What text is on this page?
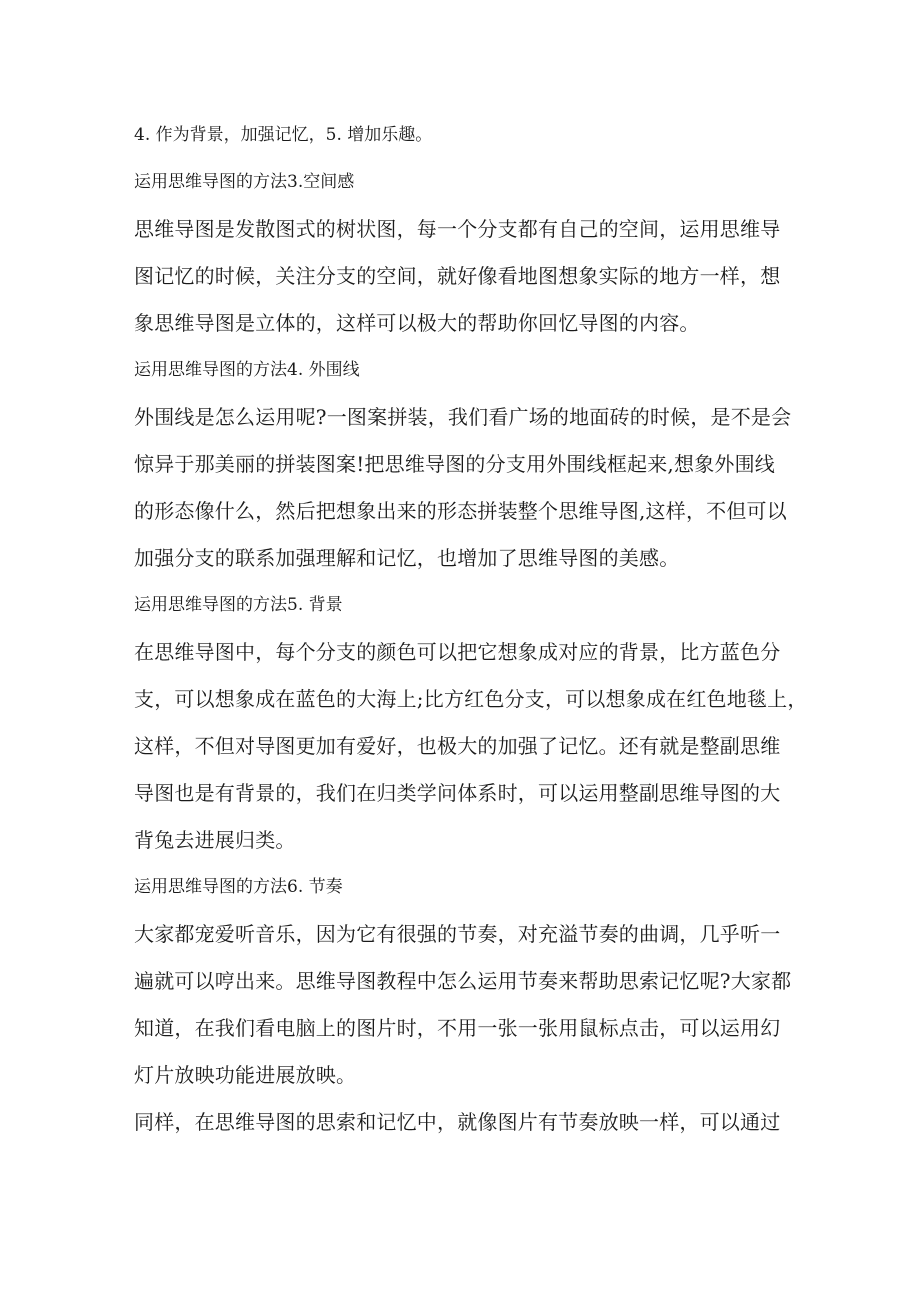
4. 作为背景，加强记忆，5. 增加乐趣。
运用思维导图的方法3.空间感
思维导图是发散图式的树状图，每一个分支都有自己的空间，运用思维导
图记忆的时候，关注分支的空间，就好像看地图想象实际的地方一样，想
象思维导图是立体的，这样可以极大的帮助你回忆导图的内容。
运用思维导图的方法4. 外围线
外围线是怎么运用呢?一图案拼装，我们看广场的地面砖的时候，是不是会
惊异于那美丽的拼装图案!把思维导图的分支用外围线框起来,想象外围线
的形态像什么，然后把想象出来的形态拼装整个思维导图,这样，不但可以
加强分支的联系加强理解和记忆，也增加了思维导图的美感。
运用思维导图的方法5. 背景
在思维导图中，每个分支的颜色可以把它想象成对应的背景，比方蓝色分
支，可以想象成在蓝色的大海上;比方红色分支，可以想象成在红色地毯上，
这样，不但对导图更加有爱好，也极大的加强了记忆。还有就是整副思维
导图也是有背景的，我们在归类学问体系时，可以运用整副思维导图的大
背兔去进展归类。
运用思维导图的方法6. 节奏
大家都宠爱听音乐，因为它有很强的节奏，对充溢节奏的曲调，几乎听一
遍就可以哼出来。思维导图教程中怎么运用节奏来帮助思索记忆呢?大家都
知道，在我们看电脑上的图片时，不用一张一张用鼠标点击，可以运用幻
灯片放映功能进展放映。
同样，在思维导图的思索和记忆中，就像图片有节奏放映一样，可以通过
